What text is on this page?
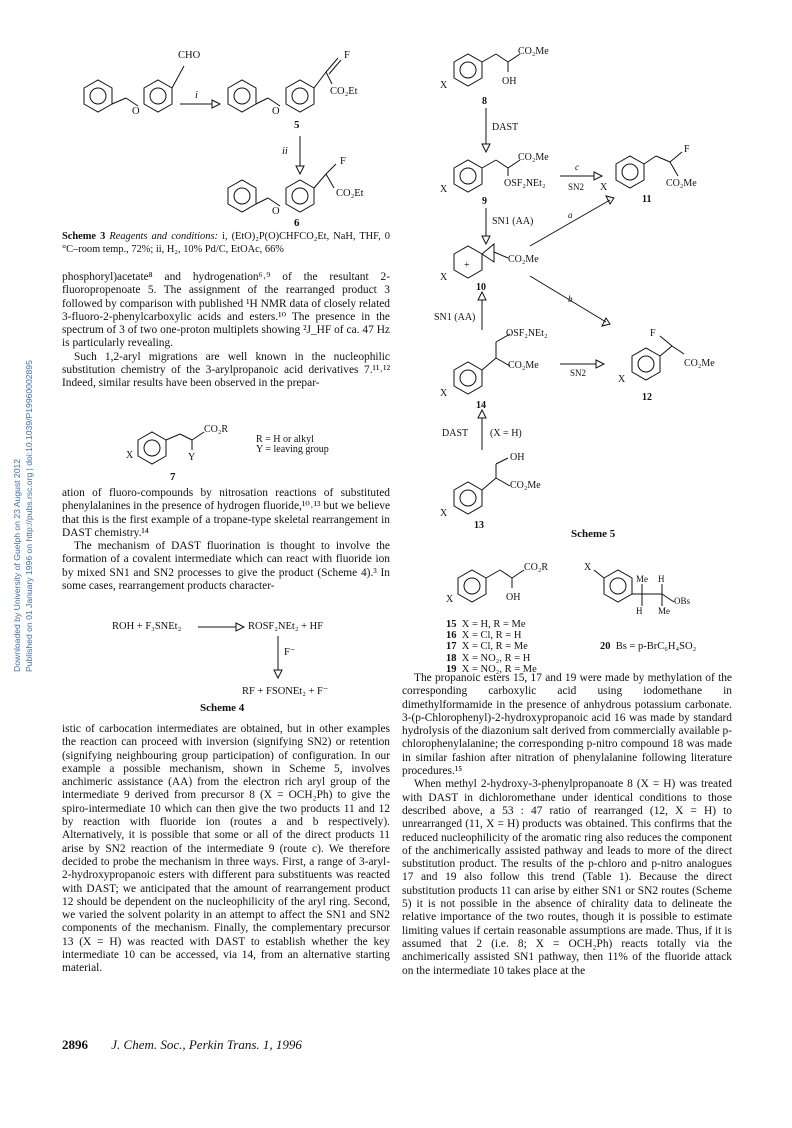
Downloaded by University of Guelph on 23 August 2012 Published on 01 January 1996 on http://pubs.rsc.org | doi:10.1039/P19960002895
CHO
O
i
F
CO₂Et
O
5
ii
F
CO₂Et
O
6
Scheme 3 Reagents and conditions: i, (EtO)₂P(O)CHFCO₂Et, NaH, THF, 0 °C–room temp., 72%; ii, H₂, 10% Pd/C, EtOAc, 66%

phosphoryl)acetate⁸ and hydrogenation⁶˒⁹ of the resultant 2-fluoropropenoate 5. The assignment of the rearranged product 3 followed by comparison with published ¹H NMR data of closely related 3-fluoro-2-phenylcarboxylic acids and esters.¹⁰ The presence in the spectrum of 3 of two one-proton multiplets showing ²J_HF of ca. 47 Hz is particularly revealing.

Such 1,2-aryl migrations are well known in the nucleophilic substitution chemistry of the 3-arylpropanoic acid derivatives 7.¹¹˒¹² Indeed, similar results have been observed in the prepar-

CO₂R
X	Y
7
R = H or alkyl
Y = leaving group

ation of fluoro-compounds by nitrosation reactions of substituted phenylalanines in the presence of hydrogen fluoride,¹⁰˒¹³ but we believe that this is the first example of a tropane-type skeletal rearrangement in DAST chemistry.¹⁴

The mechanism of DAST fluorination is thought to involve the formation of a covalent intermediate which can react with fluoride ion by mixed SN1 and SN2 processes to give the product (Scheme 4).³ In some cases, rearrangement products character-

ROH + F₃SNEt₂	ROSF₂NEt₂ + HF
F⁻
RF + FSONEt₂ + F⁻
Scheme 4

istic of carbocation intermediates are obtained, but in other examples the reaction can proceed with inversion (signifying SN2) or retention (signifying neighbouring group participation) of configuration. In our example a possible mechanism, shown in Scheme 5, involves anchimeric assistance (AA) from the electron rich aryl group of the intermediate 9 derived from precursor 8 (X = OCH₂Ph) to give the spiro-intermediate 10 which can then give the two products 11 and 12 by reaction with fluoride ion (routes a and b respectively). Alternatively, it is possible that some or all of the direct products 11 arise by SN2 reaction of the intermediate 9 (route c). We therefore decided to probe the mechanism in three ways. First, a range of 3-aryl-2-hydroxypropanoic esters with different para substituents was reacted with DAST; we anticipated that the amount of rearrangement product 12 should be dependent on the nucleophilicity of the aryl ring. Second, we varied the solvent polarity in an attempt to affect the SN1 and SN2 components of the mechanism. Finally, the complementary precursor 13 (X = H) was reacted with DAST to establish whether the key intermediate 10 can be accessed, via 14, from an alternative starting material.

CO₂Me
OH
X
8
DAST
CO₂Me
OSF₂NEt₂
X
9
c
SN2
F
CO₂Me
X
11
SN1 (AA)
+
CO₂Me
X
10
a
b
SN1 (AA)
OSF₂NEt₂
CO₂Me
X
14
SN2
F
CO₂Me
X
12
DAST (X = H)
OH
CO₂Me
X
13
Scheme 5
CO₂R
OH
X
X
Me H
OBs
H Me
15 X = H, R = Me
16 X = Cl, R = H
17 X = Cl, R = Me
18 X = NO₂, R = H
19 X = NO₂, R = Me
20 Bs = p-BrC₆H₄SO₂

The propanoic esters 15, 17 and 19 were made by methylation of the corresponding carboxylic acid using iodomethane in dimethylformamide in the presence of anhydrous potassium carbonate. 3-(p-Chlorophenyl)-2-hydroxypropanoic acid 16 was made by standard hydrolysis of the diazonium salt derived from commercially available p-chlorophenylalanine; the corresponding p-nitro compound 18 was made in similar fashion after nitration of phenylalanine following literature procedures.¹⁵

When methyl 2-hydroxy-3-phenylpropanoate 8 (X = H) was treated with DAST in dichloromethane under identical conditions to those described above, a 53 : 47 ratio of rearranged (12, X = H) to unrearranged (11, X = H) products was obtained. This confirms that the reduced nucleophilicity of the aromatic ring also reduces the component of the anchimerically assisted pathway and leads to more of the direct substitution product. The results of the p-chloro and p-nitro analogues 17 and 19 also follow this trend (Table 1). Because the direct substitution products 11 can arise by either SN1 or SN2 routes (Scheme 5) it is not possible in the absence of chirality data to delineate the relative importance of the two routes, though it is possible to estimate limiting values if certain reasonable assumptions are made. Thus, if it is assumed that 2 (i.e. 8; X = OCH₂Ph) reacts totally via the anchimerically assisted SN1 pathway, then 11% of the fluoride attack on the intermediate 10 takes place at the

2896 J. Chem. Soc., Perkin Trans. 1, 1996
